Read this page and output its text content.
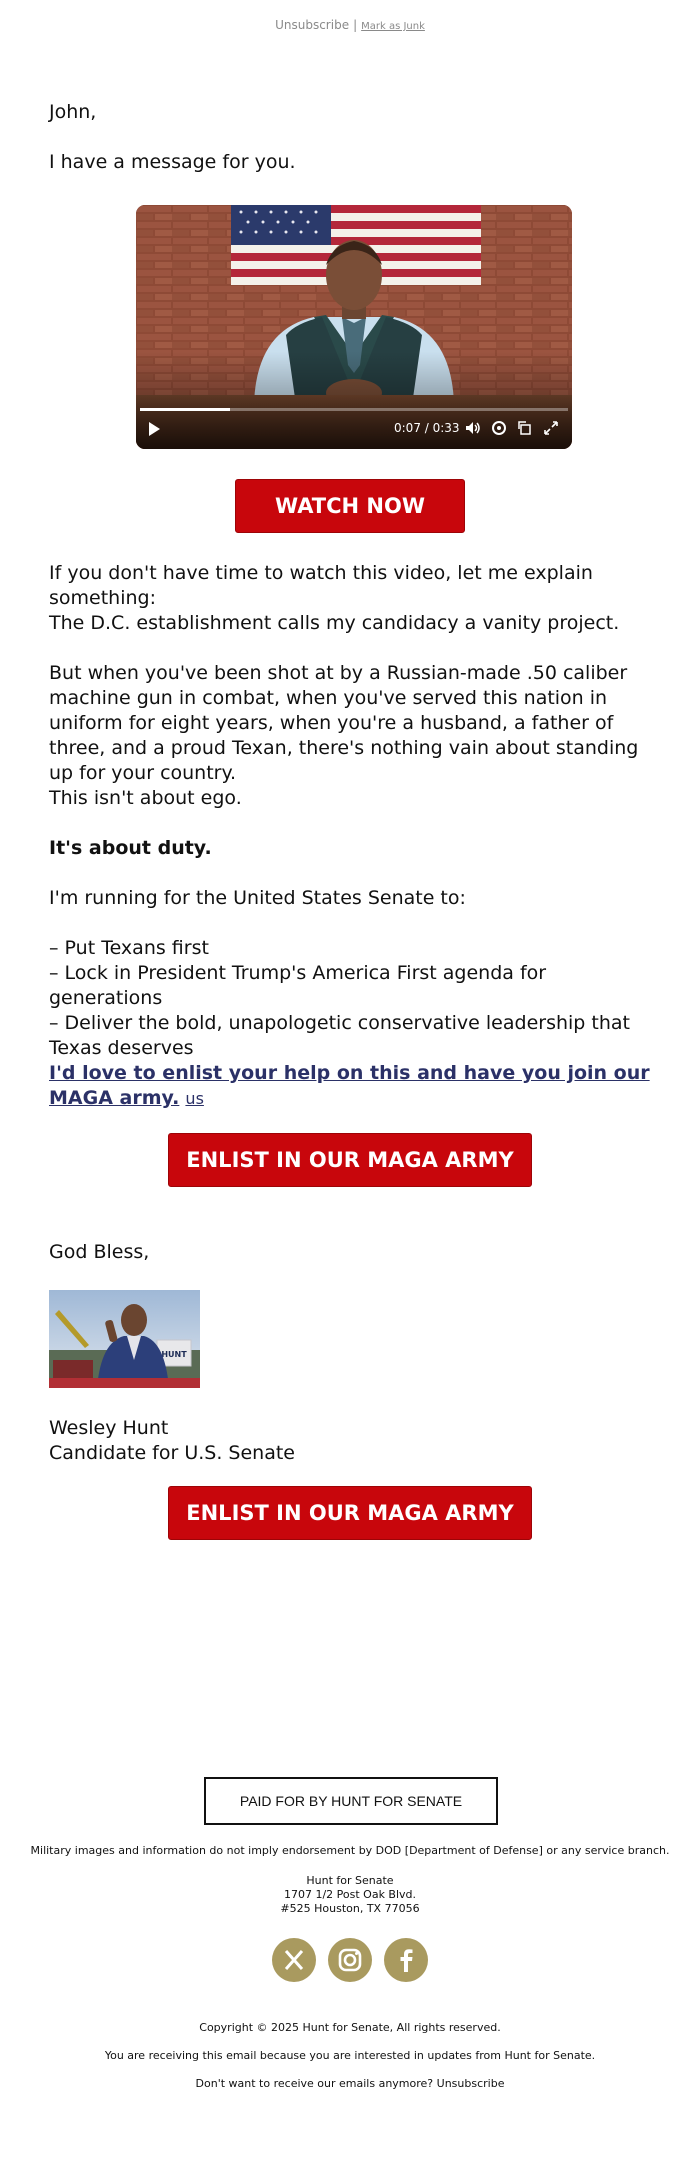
Unsubscribe | Mark as Junk
John,
I have a message for you.
0:07 / 0:33
WATCH NOW
If you don't have time to watch this video, let me explain something:
The D.C. establishment calls my candidacy a vanity project.
But when you've been shot at by a Russian-made .50 caliber machine gun in combat, when you've served this nation in uniform for eight years, when you're a husband, a father of three, and a proud Texan, there's nothing vain about standing up for your country.
This isn't about ego.
It's about duty.
I'm running for the United States Senate to:

– Put Texans first

– Lock in President Trump's America First agenda for generations

– Deliver the bold, unapologetic conservative leadership that Texas deserves

I'd love to enlist your help on this and have you join our MAGA army. us
ENLIST IN OUR MAGA ARMY
God Bless,
HUNT
Wesley Hunt
Candidate for U.S. Senate
ENLIST IN OUR MAGA ARMY
PAID FOR BY HUNT FOR SENATE
Military images and information do not imply endorsement by DOD [Department of Defense] or any service branch.
Hunt for Senate
1707 1/2 Post Oak Blvd.
#525 Houston, TX 77056
Copyright © 2025 Hunt for Senate, All rights reserved.
You are receiving this email because you are interested in updates from Hunt for Senate.
Don't want to receive our emails anymore? Unsubscribe
